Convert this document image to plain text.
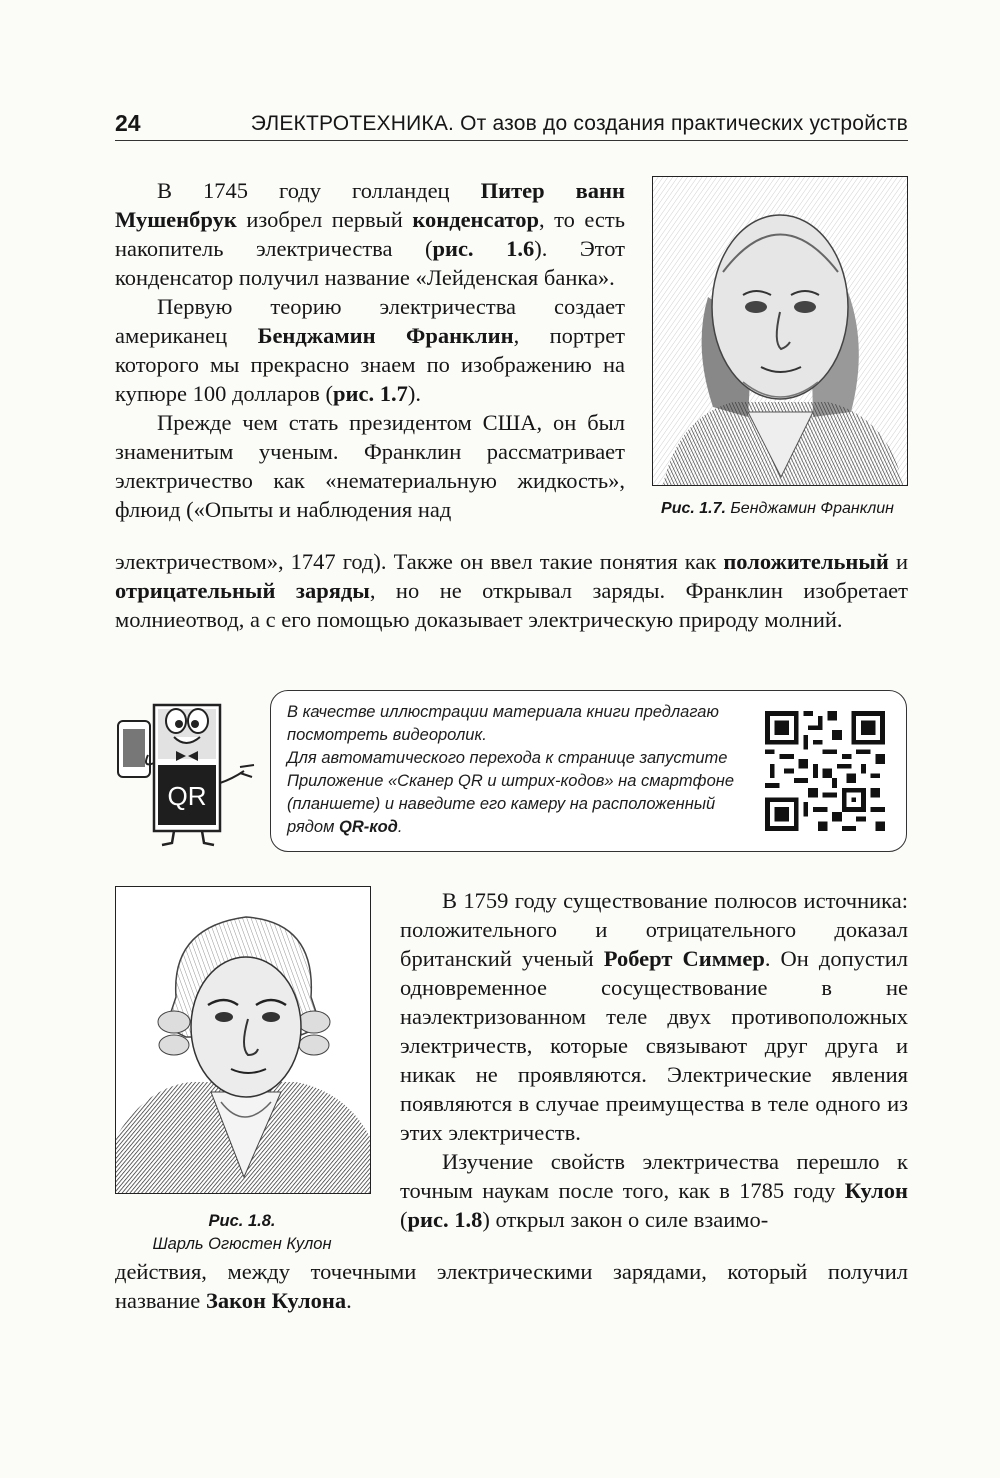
24	ЭЛЕКТРОТЕХНИКА. От азов до создания практических устройств

В 1745 году голландец Питер ванн Мушенбрук изобрел первый конденсатор, то есть накопитель электричества (рис. 1.6). Этот конденсатор получил название «Лейденская банка».

Первую теорию электричества создает американец Бенджамин Франклин, портрет которого мы прекрасно знаем по изображению на купюре 100 долларов (рис. 1.7).

Прежде чем стать президентом США, он был знаменитым ученым. Франклин рассматривает электричество как «нематериальную жидкость», флюид («Опыты и наблюдения над	Рис. 1.7. Бенджамин Франклин

электричеством», 1747 год). Также он ввел такие понятия как положительный и отрицательный заряды, но не открывал заряды. Франклин изобретает молниеотвод, а с его помощью доказывает электрическую природу молний.

QR

В качестве иллюстрации материала книги предлагаю посмотреть видеоролик.

Для автоматического перехода к странице запустите Приложение «Сканер QR и штрих-кодов» на смартфоне (планшете) и наведите его камеру на расположенный рядом QR-код.

Рис. 1.8.
Шарль Огюстен Кулон

В 1759 году существование полюсов источника: положительного и отрицательного доказал британский ученый Роберт Симмер. Он допустил одновременное сосуществование в не наэлектризованном теле двух противоположных электричеств, которые связывают друг друга и никак не проявляются. Электрические явления появляются в случае преимущества в теле одного из этих электричеств.

Изучение свойств электричества перешло к точным наукам после того, как в 1785 году Кулон (рис. 1.8) открыл закон о силе взаимо-

действия, между точечными электрическими зарядами, который получил название Закон Кулона.
